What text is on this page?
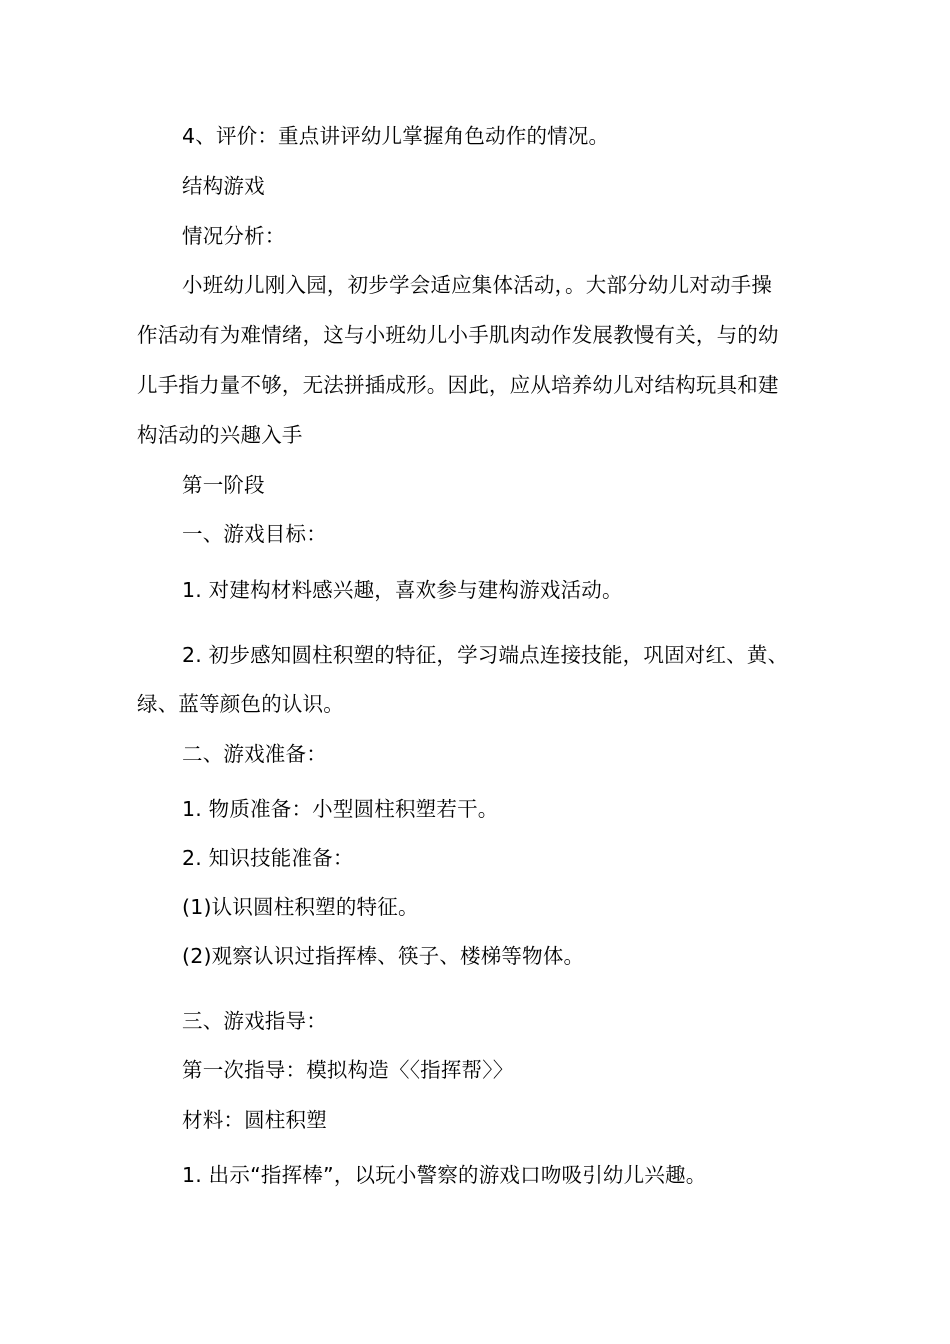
4、评价：重点讲评幼儿掌握角色动作的情况。
结构游戏
情况分析：
小班幼儿刚入园，初步学会适应集体活动，。大部分幼儿对动手操
作活动有为难情绪，这与小班幼儿小手肌肉动作发展教慢有关，与的幼
儿手指力量不够，无法拼插成形。因此，应从培养幼儿对结构玩具和建
构活动的兴趣入手
第一阶段
一、游戏目标：
1. 对建构材料感兴趣，喜欢参与建构游戏活动。
2. 初步感知圆柱积塑的特征，学习端点连接技能，巩固对红、黄、
绿、蓝等颜色的认识。
二、游戏准备：
1. 物质准备：小型圆柱积塑若干。
2. 知识技能准备：
(1)认识圆柱积塑的特征。
(2)观察认识过指挥棒、筷子、楼梯等物体。
三、游戏指导：
第一次指导：模拟构造〈〈指挥帮〉〉
材料：圆柱积塑
1. 出示“指挥棒”，以玩小警察的游戏口吻吸引幼儿兴趣。
